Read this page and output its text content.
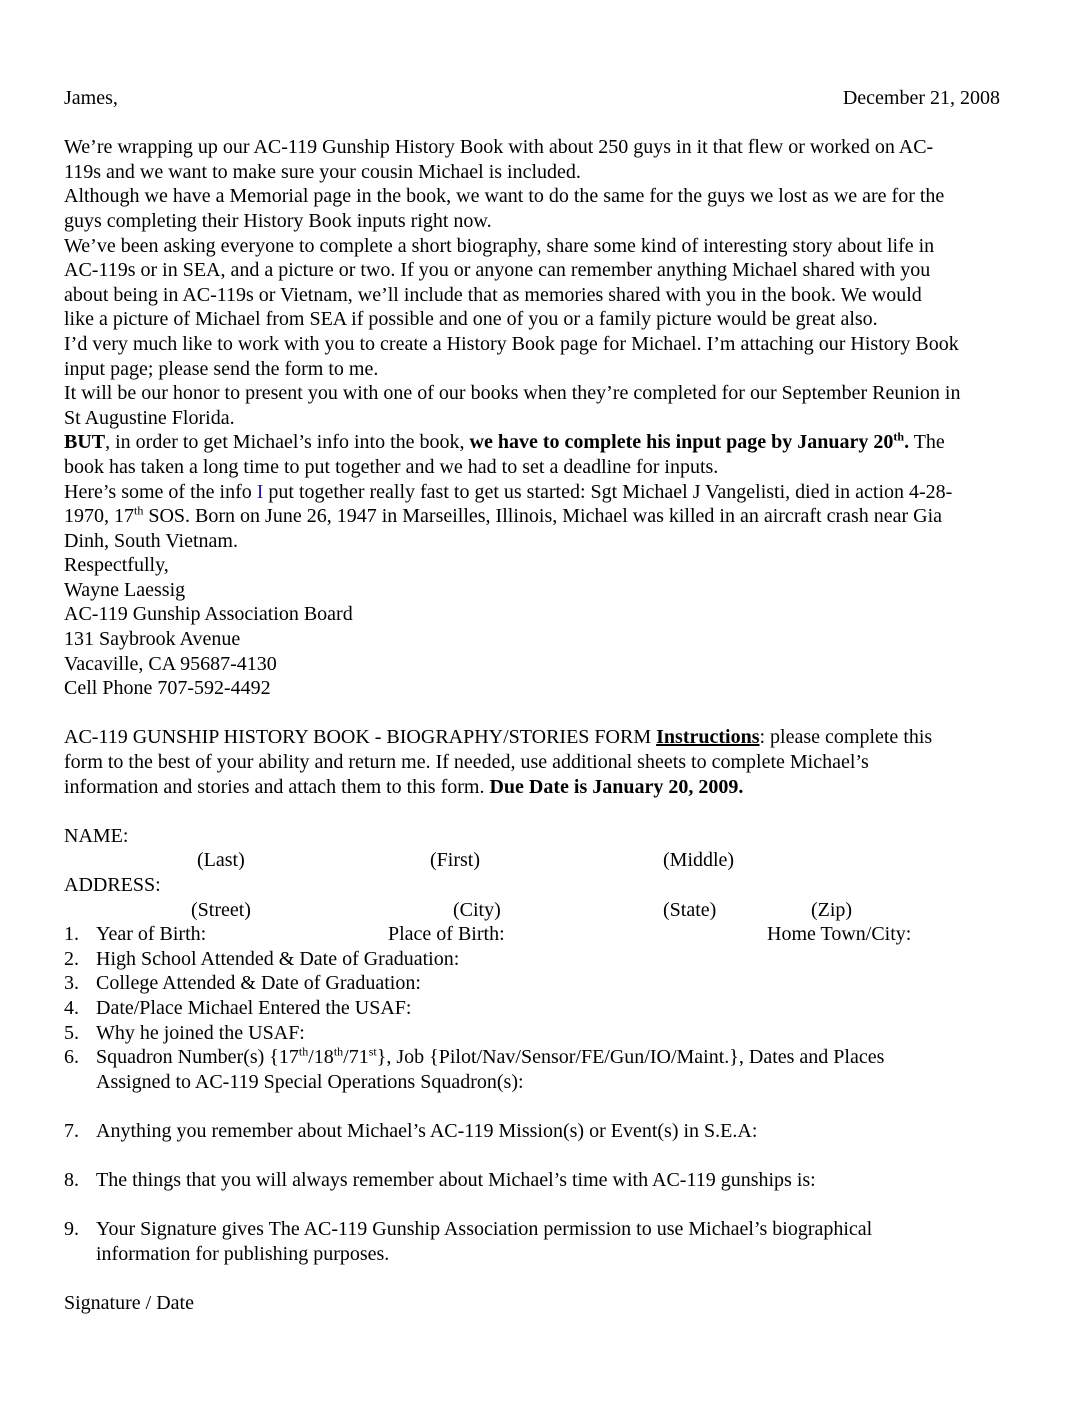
James,	December 21, 2008
We’re wrapping up our AC-119 Gunship History Book with about 250 guys in it that flew or worked on AC-
119s and we want to make sure your cousin Michael is included.
Although we have a Memorial page in the book, we want to do the same for the guys we lost as we are for the
guys completing their History Book inputs right now.
We’ve been asking everyone to complete a short biography, share some kind of interesting story about life in
AC-119s or in SEA, and a picture or two. If you or anyone can remember anything Michael shared with you
about being in AC-119s or Vietnam, we’ll include that as memories shared with you in the book. We would
like a picture of Michael from SEA if possible and one of you or a family picture would be great also.
I’d very much like to work with you to create a History Book page for Michael. I’m attaching our History Book
input page; please send the form to me.
It will be our honor to present you with one of our books when they’re completed for our September Reunion in
St Augustine Florida.
BUT, in order to get Michael’s info into the book, we have to complete his input page by January 20th. The
book has taken a long time to put together and we had to set a deadline for inputs.
Here’s some of the info I put together really fast to get us started: Sgt Michael J Vangelisti, died in action 4-28-
1970, 17th SOS. Born on June 26, 1947 in Marseilles, Illinois, Michael was killed in an aircraft crash near Gia
Dinh, South Vietnam.
Respectfully,
Wayne Laessig
AC-119 Gunship Association Board
131 Saybrook Avenue
Vacaville, CA 95687-4130
Cell Phone 707-592-4492
AC-119 GUNSHIP HISTORY BOOK - BIOGRAPHY/STORIES FORM Instructions: please complete this
form to the best of your ability and return me. If needed, use additional sheets to complete Michael’s
information and stories and attach them to this form. Due Date is January 20, 2009.
NAME:
(Last)	(First)	(Middle)
ADDRESS:
(Street)	(City)	(State)	(Zip)
1. Year of Birth:	Place of Birth:	Home Town/City:
2. High School Attended & Date of Graduation:
3. College Attended & Date of Graduation:
4. Date/Place Michael Entered the USAF:
5. Why he joined the USAF:
6. Squadron Number(s) {17th/18th/71st}, Job {Pilot/Nav/Sensor/FE/Gun/IO/Maint.}, Dates and Places
Assigned to AC-119 Special Operations Squadron(s):
7. Anything you remember about Michael’s AC-119 Mission(s) or Event(s) in S.E.A:
8. The things that you will always remember about Michael’s time with AC-119 gunships is:
9. Your Signature gives The AC-119 Gunship Association permission to use Michael’s biographical
information for publishing purposes.
Signature / Date
